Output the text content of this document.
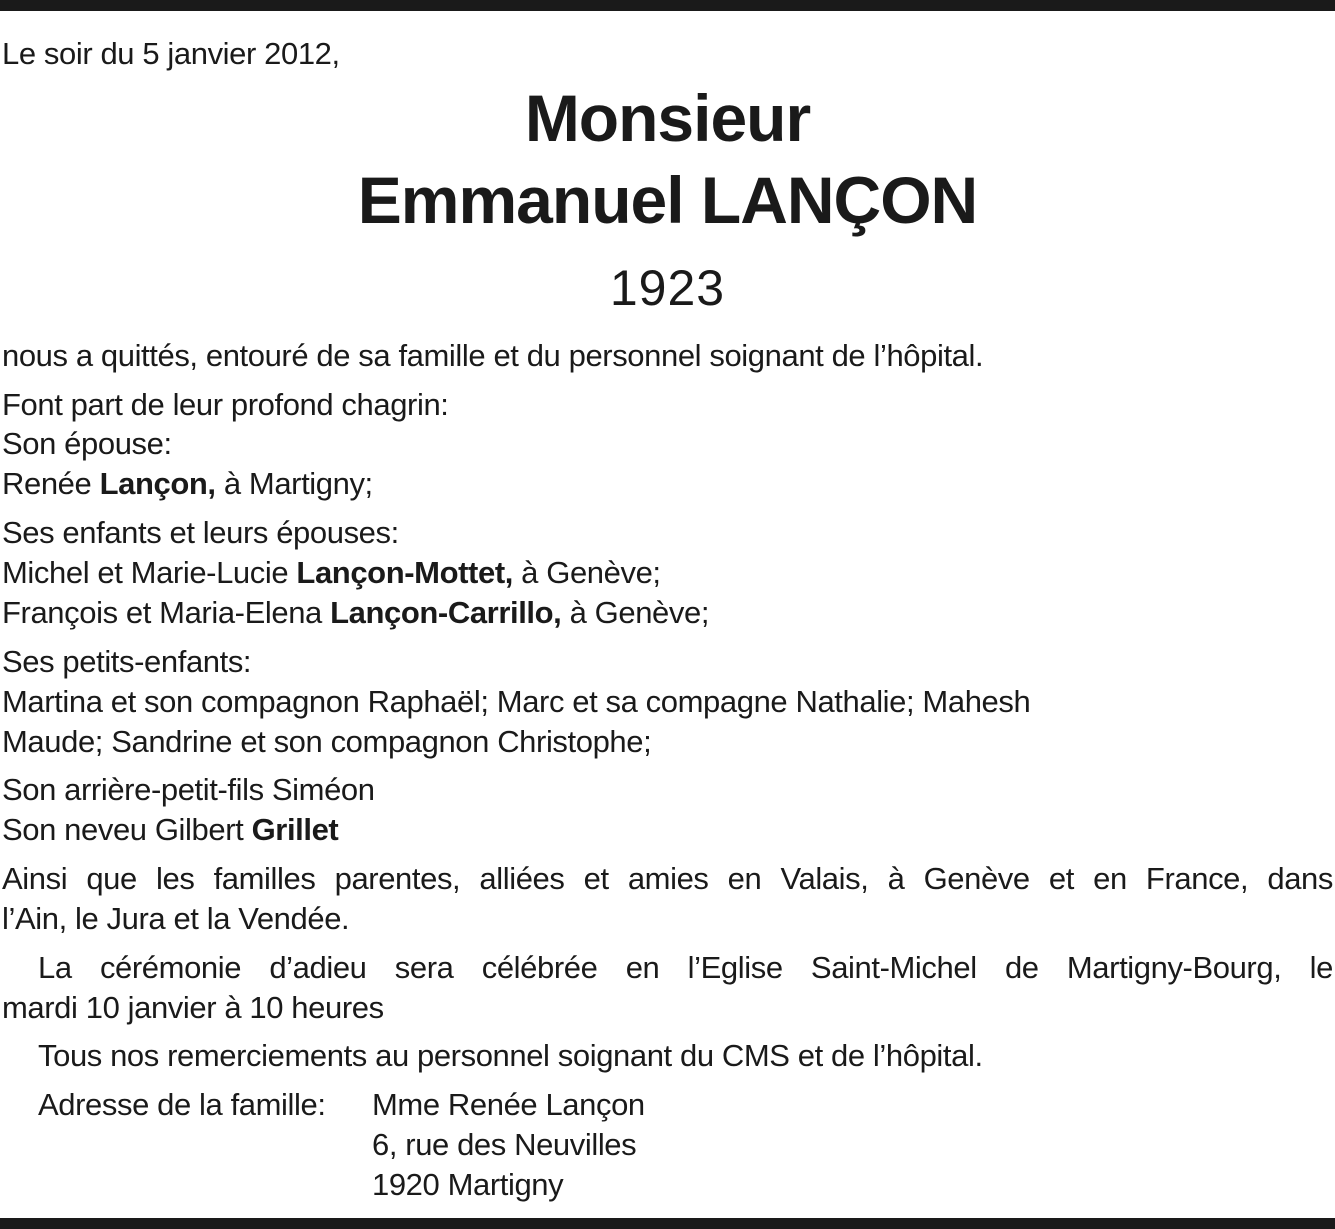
Le soir du 5 janvier 2012,
Monsieur
Emmanuel LANÇON
1923
nous a quittés, entouré de sa famille et du personnel soignant de l’hôpital.
Font part de leur profond chagrin:
Son épouse:
Renée Lançon, à Martigny;
Ses enfants et leurs épouses:
Michel et Marie-Lucie Lançon-Mottet, à Genève;
François et Maria-Elena Lançon-Carrillo, à Genève;
Ses petits-enfants:
Martina et son compagnon Raphaël; Marc et sa compagne Nathalie; Mahesh
Maude; Sandrine et son compagnon Christophe;
Son arrière-petit-fils Siméon
Son neveu Gilbert Grillet
Ainsi que les familles parentes, alliées et amies en Valais, à Genève et en France, dans
l’Ain, le Jura et la Vendée.
La cérémonie d’adieu sera célébrée en l’Eglise Saint-Michel de Martigny-Bourg, le
mardi 10 janvier à 10 heures
Tous nos remerciements au personnel soignant du CMS et de l’hôpital.
Adresse de la famille: Mme Renée Lançon
6, rue des Neuvilles
1920 Martigny
